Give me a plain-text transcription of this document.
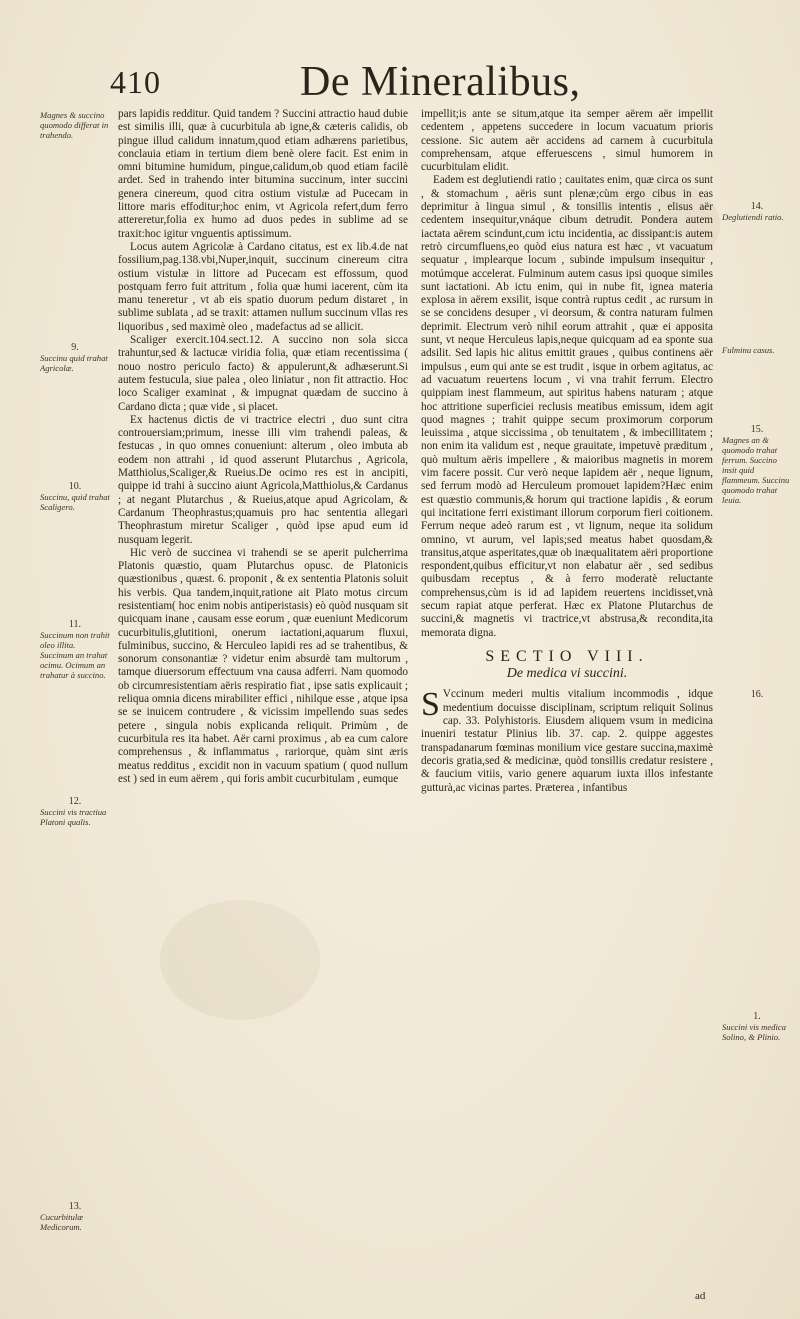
410	De Mineralibus,
Magnes & succino quomodo differat in trahendo.
9.
Succinu quid trahat Agricolæ.
10.
Succinu, quid trahat Scaligero.
11.
Succinum non trahit oleo illita. Succinum an trahat ocimu. Ocimum an trahatur à succino.
12.
Succini vis tractiua Platoni qualis.
13.
Cucurbitulæ Medicorum.
14.
Deglutiendi ratio.
Fulminu casus.
15.
Magnes an & quomodo trahat ferrum. Succino insit quid flammeum. Succinu quomodo trahat leuia.
16.
1.
Succini vis medica Solino, & Plinio.

pars lapidis redditur. Quid tandem ? Succini attractio haud dubie est similis illi, quæ à cucurbitula ab igne,& cæteris calidis, ob pingue illud calidum innatum,quod etiam adhærens parietibus, conclauia etiam in tertium diem benè olere facit. Est enim in omni bitumine humidum, pingue,calidum,ob quod etiam facilè ardet. Sed in trahendo inter bitumina succinum, inter succini genera cinereum, quod citra ostium vistulæ ad Pucecam in littore maris effoditur;hoc enim, vt Agricola refert,dum ferro attereretur,folia ex humo ad duos pedes in sublime ad se traxit:hoc igitur vnguentis aptissimum.

Locus autem Agricolæ à Cardano citatus, est ex lib.4.de nat fossilium,pag.138.vbi,Nuper,inquit, succinum cinereum citra ostium vistulæ in littore ad Pucecam est effossum, quod postquam ferro fuit attritum , folia quæ humi iacerent, cùm ita manu teneretur , vt ab eis spatio duorum pedum distaret , in sublime sublata , ad se traxit: attamen nullum succinum vllas res liquoribus , sed maximè oleo , madefactus ad se allicit.

Scaliger exercit.104.sect.12. A succino non sola sicca trahuntur,sed & lactucæ viridia folia, quæ etiam recentissima ( nouo nostro periculo facto) & appulerunt,& adhæserunt.Si autem festucula, siue palea , oleo liniatur , non fit attractio. Hoc loco Scaliger examinat , & impugnat quædam de succino à Cardano dicta ; quæ vide , si placet.

Ex hactenus dictis de vi tractrice electri , duo sunt citra controuersiam;primum, inesse illi vim trahendi paleas, & festucas , in quo omnes conueniunt: alterum , oleo imbuta ab eodem non attrahi , id quod asserunt Plutarchus , Agricola, Matthiolus,Scaliger,& Rueius.De ocimo res est in ancipiti, quippe id trahi à succino aiunt Agricola,Matthiolus,& Cardanus ; at negant Plutarchus , & Rueius,atque apud Agricolam, & Cardanum Theophrastus;quamuis pro hac sententia allegari Theophrastum miretur Scaliger , quòd ipse apud eum id nusquam legerit.

Hic verò de succinea vi trahendi se se aperit pulcherrima Platonis quæstio, quam Plutarchus opusc. de Platonicis quæstionibus , quæst. 6. proponit , & ex sententia Platonis soluit his verbis. Qua tandem,inquit,ratione ait Plato motus circum resistentiam( hoc enim nobis antiperistasis) eò quòd nusquam sit quicquam inane , causam esse eorum , quæ eueniunt Medicorum cucurbitulis,glutitioni, onerum iactationi,aquarum fluxui, fulminibus, succino, & Herculeo lapidi res ad se trahentibus, & sonorum consonantiæ ? videtur enim absurdè tam multorum , tamque diuersorum effectuum vna causa adferri. Nam quomodo ob circumresistentiam aëris respiratio fiat , ipse satis explicauit ; reliqua omnia dicens mirabiliter effici , nihilque esse , atque ipsa se se inuicem contrudere , & vicissim impellendo suas sedes petere , singula nobis explicanda reliquit. Primùm , de cucurbitula res ita habet. Aër carni proximus , ab ea cum calore comprehensus , & inflammatus , rariorque, quàm sint æris meatus redditus , excidit non in vacuum spatium ( quod nullum est ) sed in eum aërem , qui foris ambit cucurbitulam , eumque

impellit;is ante se situm,atque ita semper aërem aër impellit cedentem , appetens succedere in locum vacuatum prioris cessione. Sic autem aër accidens ad carnem à cucurbitula comprehensam, atque efferuescens , simul humorem in cucurbitulam elidit.

Eadem est deglutiendi ratio ; cauitates enim, quæ circa os sunt , & stomachum , aëris sunt plenæ;cùm ergo cibus in eas deprimitur à lingua simul , & tonsillis intentis , elisus aër cedentem insequitur,vnáque cibum detrudit. Pondera autem iactata aërem scindunt,cum ictu incidentia, ac dissipant:is autem retrò circumfluens,eo quòd eius natura est hæc , vt vacuatum sequatur , implearque locum , subinde impulsum insequitur , motúmque accelerat. Fulminum autem casus ipsi quoque similes sunt iactationi. Ab ictu enim, qui in nube fit, ignea materia explosa in aërem exsilit, isque contrà ruptus cedit , ac rursum in se se concidens desuper , vi deorsum, & contra naturam fulmen deprimit. Electrum verò nihil eorum attrahit , quæ ei apposita sunt, vt neque Herculeus lapis,neque quicquam ad ea sponte sua adsilit. Sed lapis hic alitus emittit graues , quibus continens aër impulsus , eum qui ante se est trudit , isque in orbem agitatus, ac ad vacuatum reuertens locum , vi vna trahit ferrum. Electro quippiam inest flammeum, aut spiritus habens naturam ; atque hoc attritione superficiei reclusis meatibus emissum, idem agit quod magnes ; trahit quippe secum proximorum corporum leuissima , atque siccissima , ob tenuitatem , & imbecillitatem ; non enim ita validum est , neque grauitate, impetuvè præditum , quò multum aëris impellere , & maioribus magnetis in morem vim facere possit. Cur verò neque lapidem aër , neque lignum, sed ferrum modò ad Herculeum promouet lapidem?Hæc enim est quæstio communis,& horum qui tractione lapidis , & eorum qui incitatione ferri existimant illorum corporum fieri coitionem. Ferrum neque adeò rarum est , vt lignum, neque ita solidum omnino, vt aurum, vel lapis;sed meatus habet quosdam,& transitus,atque asperitates,quæ ob inæqualitatem aëri proportione respondent,quibus efficitur,vt non elabatur aër , sed sedibus quibusdam receptus , & à ferro moderatè reluctante comprehensus,cùm is id ad lapidem reuertens incidisset,vnà secum rapiat atque perferat. Hæc ex Platone Plutarchus de succini,& magnetis vi tractrice,vt abstrusa,& recondita,ita memorata digna.

SECTIO VIII.
De medica vi succini.

S Vccinum mederi multis vitalium incommodis , idque medentium docuisse disciplinam, scriptum reliquit Solinus cap. 33. Polyhistoris. Eiusdem aliquem vsum in medicina inueniri testatur Plinius lib. 37. cap. 2. quippe aggestes transpadanarum fœminas monilium vice gestare succina,maximè decoris gratia,sed & medicinæ, quòd tonsillis credatur resistere , & faucium vitiis, vario genere aquarum iuxta illos infestante gutturà,ac vicinas partes. Præterea , infantibus

ad
